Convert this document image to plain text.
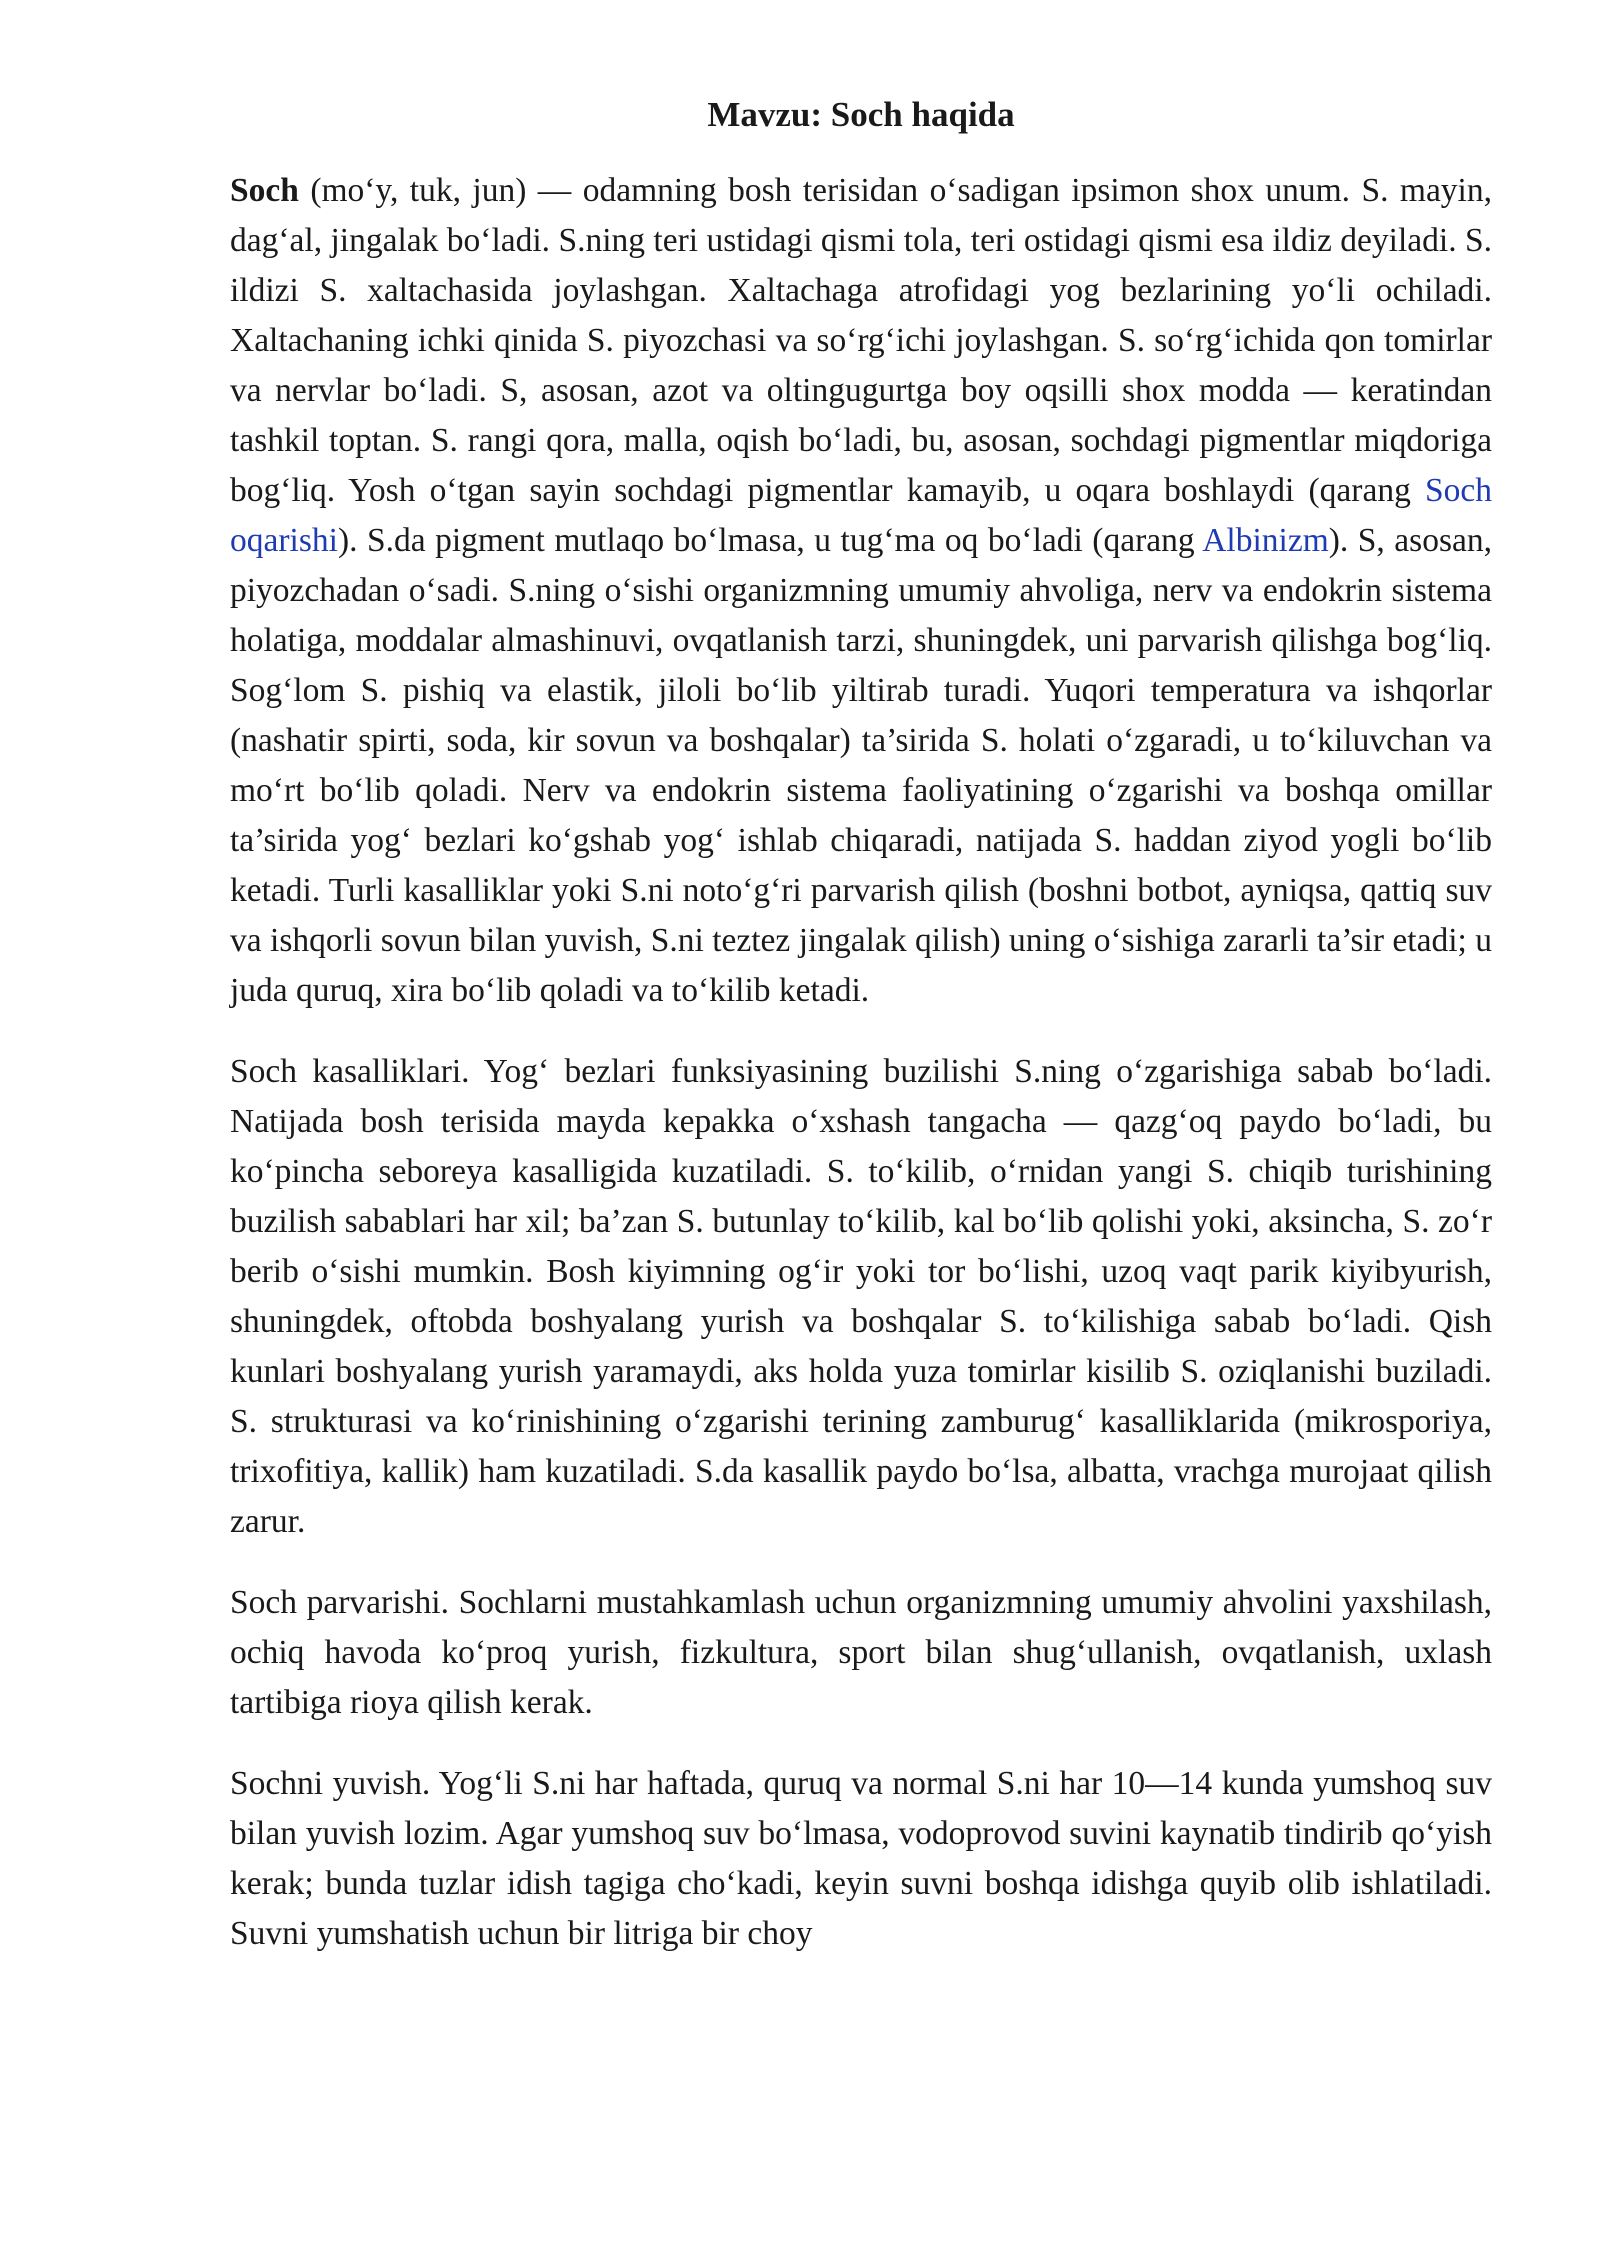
Mavzu: Soch haqida

Soch (mo‘y, tuk, jun) — odamning bosh terisidan o‘sadigan ipsimon shox unum. S. mayin, dag‘al, jingalak bo‘ladi. S.ning teri ustidagi qismi tola, teri ostidagi qismi esa ildiz deyiladi. S. ildizi S. xaltachasida joylashgan. Xaltachaga atrofidagi yog bezlarining yo‘li ochiladi. Xaltachaning ichki qinida S. piyozchasi va so‘rg‘ichi joylashgan. S. so‘rg‘ichida qon tomirlar va nervlar bo‘ladi. S, asosan, azot va oltingugurtga boy oqsilli shox modda — keratindan tashkil toptan. S. rangi qora, malla, oqish bo‘ladi, bu, asosan, sochdagi pigmentlar miqdoriga bog‘liq. Yosh o‘tgan sayin sochdagi pigmentlar kamayib, u oqara boshlaydi (qarang Soch oqarishi). S.da pigment mutlaqo bo‘lmasa, u tug‘ma oq bo‘ladi (qarang Albinizm). S, asosan, piyozchadan o‘sadi. S.ning o‘sishi organizmning umumiy ahvoliga, nerv va endokrin sistema holatiga, moddalar almashinuvi, ovqatlanish tarzi, shuningdek, uni parvarish qilishga bog‘liq. Sog‘lom S. pishiq va elastik, jiloli bo‘lib yiltirab turadi. Yuqori temperatura va ishqorlar (nashatir spirti, soda, kir sovun va boshqalar) ta’sirida S. holati o‘zgaradi, u to‘kiluvchan va mo‘rt bo‘lib qoladi. Nerv va endokrin sistema faoliyatining o‘zgarishi va boshqa omillar ta’sirida yog‘ bezlari ko‘gshab yog‘ ishlab chiqaradi, natijada S. haddan ziyod yogli bo‘lib ketadi. Turli kasalliklar yoki S.ni noto‘g‘ri parvarish qilish (boshni botbot, ayniqsa, qattiq suv va ishqorli sovun bilan yuvish, S.ni teztez jingalak qilish) uning o‘sishiga zararli ta’sir etadi; u juda quruq, xira bo‘lib qoladi va to‘kilib ketadi.

Soch kasalliklari. Yog‘ bezlari funksiyasining buzilishi S.ning o‘zgarishiga sabab bo‘ladi. Natijada bosh terisida mayda kepakka o‘xshash tangacha — qazg‘oq paydo bo‘ladi, bu ko‘pincha seboreya kasalligida kuzatiladi. S. to‘kilib, o‘rnidan yangi S. chiqib turishining buzilish sabablari har xil; ba’zan S. butunlay to‘kilib, kal bo‘lib qolishi yoki, aksincha, S. zo‘r berib o‘sishi mumkin. Bosh kiyimning og‘ir yoki tor bo‘lishi, uzoq vaqt parik kiyibyurish, shuningdek, oftobda boshyalang yurish va boshqalar S. to‘kilishiga sabab bo‘ladi. Qish kunlari boshyalang yurish yaramaydi, aks holda yuza tomirlar kisilib S. oziqlanishi buziladi. S. strukturasi va ko‘rinishining o‘zgarishi terining zamburug‘ kasalliklarida (mikrosporiya, trixofitiya, kallik) ham kuzatiladi. S.da kasallik paydo bo‘lsa, albatta, vrachga murojaat qilish zarur.

Soch parvarishi. Sochlarni mustahkamlash uchun organizmning umumiy ahvolini yaxshilash, ochiq havoda ko‘proq yurish, fizkultura, sport bilan shug‘ullanish, ovqatlanish, uxlash tartibiga rioya qilish kerak.

Sochni yuvish. Yog‘li S.ni har haftada, quruq va normal S.ni har 10—14 kunda yumshoq suv bilan yuvish lozim. Agar yumshoq suv bo‘lmasa, vodoprovod suvini kaynatib tindirib qo‘yish kerak; bunda tuzlar idish tagiga cho‘kadi, keyin suvni boshqa idishga quyib olib ishlatiladi. Suvni yumshatish uchun bir litriga bir choy
